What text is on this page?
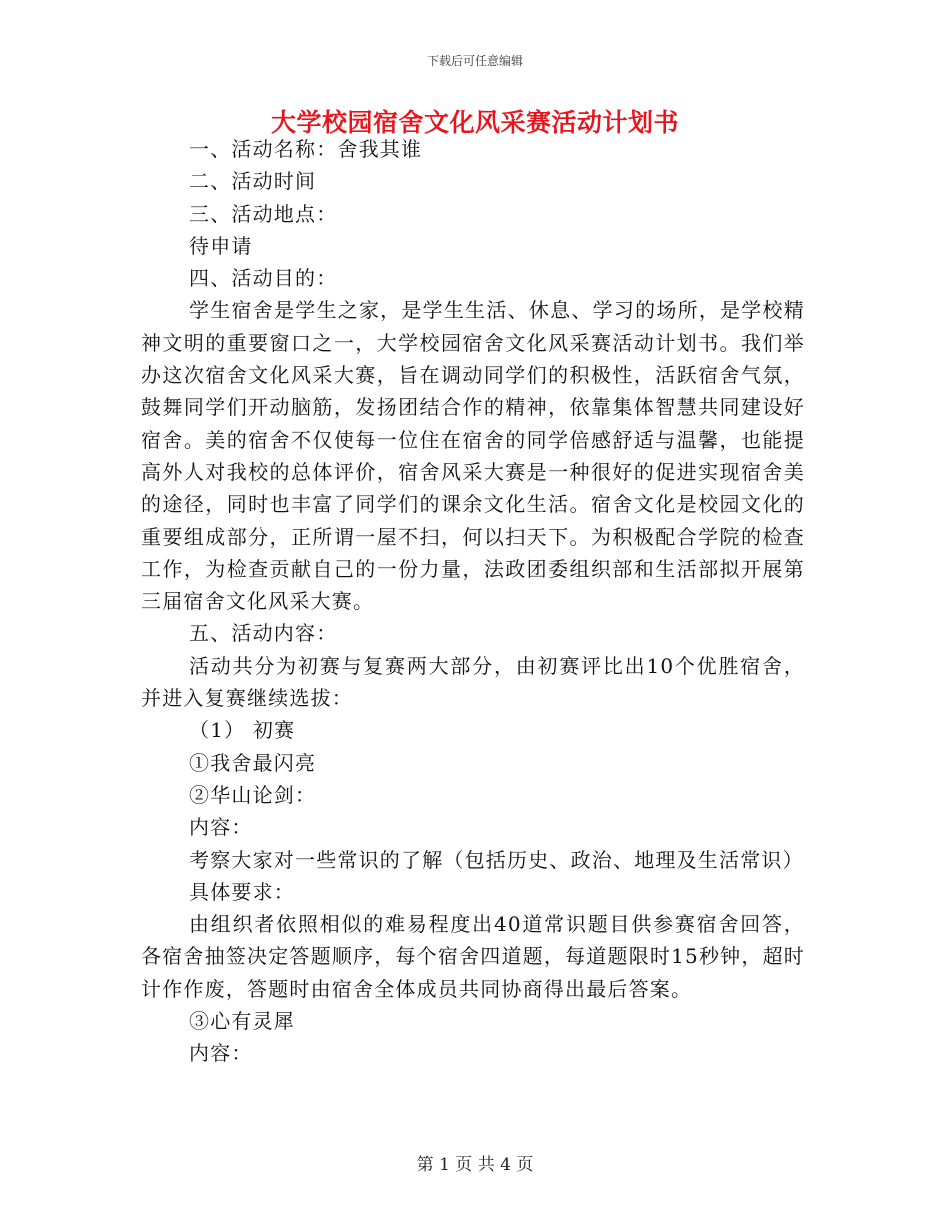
下载后可任意编辑
大学校园宿舍文化风采赛活动计划书

一、活动名称：舍我其谁

二、活动时间

三、活动地点：

待申请

四、活动目的：

学生宿舍是学生之家，是学生生活、休息、学习的场所，是学校精神文明的重要窗口之一，大学校园宿舍文化风采赛活动计划书。我们举办这次宿舍文化风采大赛，旨在调动同学们的积极性，活跃宿舍气氛，鼓舞同学们开动脑筋，发扬团结合作的精神，依靠集体智慧共同建设好宿舍。美的宿舍不仅使每一位住在宿舍的同学倍感舒适与温馨，也能提高外人对我校的总体评价，宿舍风采大赛是一种很好的促进实现宿舍美的途径，同时也丰富了同学们的课余文化生活。宿舍文化是校园文化的重要组成部分，正所谓一屋不扫，何以扫天下。为积极配合学院的检查工作，为检查贡献自己的一份力量，法政团委组织部和生活部拟开展第三届宿舍文化风采大赛。

五、活动内容：

活动共分为初赛与复赛两大部分，由初赛评比出10个优胜宿舍，并进入复赛继续选拔：

（1） 初赛

①我舍最闪亮

②华山论剑：

内容：

考察大家对一些常识的了解（包括历史、政治、地理及生活常识）

具体要求：

由组织者依照相似的难易程度出40道常识题目供参赛宿舍回答，各宿舍抽签决定答题顺序，每个宿舍四道题，每道题限时15秒钟，超时计作作废，答题时由宿舍全体成员共同协商得出最后答案。

③心有灵犀

内容：

第 1 页 共 4 页
